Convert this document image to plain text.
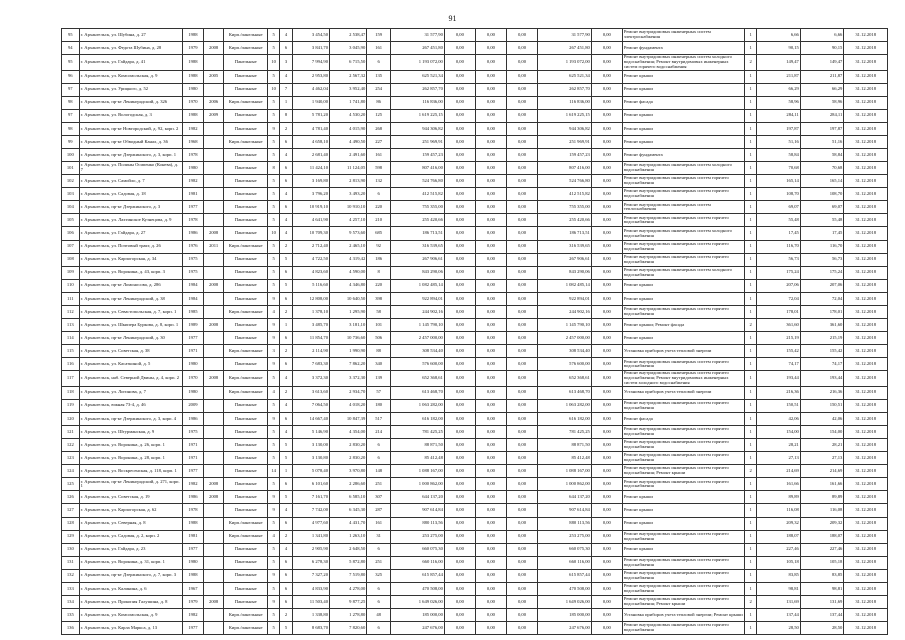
91
95	г. Архангельск, ул. Шубина, д. 27	1988		Кирп./панельные	5	4	3 454,50	2 538,47	159	31 577,90	0,00	0,00	0,00	31 577,90	0,00	Ремонт внутридомовых инженерных систем электроснабжения	1	6,66	6,66	31.12.2018
94	г. Архангельск, ул. Федота Шубина, д. 28	1979	2008	Кирп./панельные	5	6	3 841,70	3 045,90	161	267 451,80	0,00	0,00	0,00	267 451,80	0,00	Ремонт фундамента	1	90,15	90,15	31.12.2018
95	г. Архангельск, ул. Гайдара, д. 41	1988		Панельные	10	3	7 994,90	6 715,50	6	1 193 072,00	0,00	0,00	0,00	1 193 072,00	0,00	Ремонт внутридомовых инженерных систем холодного водоснабжения; Ремонт внутридомовых инженерных систем горячего водоснабжения	2	149,47	149,47	31.12.2018
96	г. Архангельск, ул. Комсомольская, д. 9	1988	2005	Панельные	5	4	2 953,80	2 567,32	135	625 521,34	0,00	0,00	0,00	625 521,34	0,00	Ремонт крыши	1	211,87	211,87	31.12.2018
97	г. Архангельск, ул. Урицкого, д. 52	1980		Панельные	10	7	4 462,04	3 952,40	254	262 857,70	0,00	0,00	0,00	262 857,70	0,00	Ремонт крыши	1	66,29	66,29	31.12.2018
98	г. Архангельск, пр-кт Ленинградский, д. 326	1970	2006	Кирп./панельные	5	1	1 940,00	1 741,80	86	116 836,00	0,00	0,00	0,00	116 836,00	0,00	Ремонт фасада	1	58,96	58,96	31.12.2018
97	г. Архангельск, ул. Вологодская, д. 3	1988	2009	Панельные	5	8	5 781,20	4 530,20	125	1 619 225,15	0,00	0,00	0,00	1 619 225,15	0,00	Ремонт крыши	1	284,11	284,11	31.12.2018
98	г. Архангельск, пр-кт Новгородский, д. 92, корп. 2	1982		Панельные	9	2	4 781,40	4 015,90	268	944 306,82	0,00	0,00	0,00	944 306,82	0,00	Ремонт крыши	1	197,87	197,87	31.12.2018
99	г. Архангельск, пр-кт Обводный Канал, д. 36	1968		Кирп./панельные	5	6	4 658,10	4 490,50	227	251 969,91	0,00	0,00	0,00	251 969,91	0,00	Ремонт крыши	1	51,16	51,16	31.12.2018
100	г. Архангельск, пр-кт Дзержинского, д. 3, корп. 1	1978		Панельные	5	4	2 681,40	2 491,60	161	159 457,23	0,00	0,00	0,00	159 457,23	0,00	Ремонт фундамента	1	58,84	58,84	31.12.2018
101	г. Архангельск, ул. Полины Осипенко (Конева), д. 7	1980		Панельные	8	6	11 424,10	11 124,05	598	807 416,00	0,00	0,00	0,00	807 416,00	0,00	Ремонт внутридомовых инженерных систем холодного водоснабжения	1	70,68	70,68	31.12.2018
102	г. Архангельск, ул. Самойло, д. 7	1982		Панельные	5	6	3 169,80	2 813,90	132	524 766,80	0,00	0,00	0,00	524 766,80	0,00	Ремонт внутридомовых инженерных систем горячего водоснабжения	1	165,14	165,14	31.12.2018
103	г. Архангельск, ул. Садовая, д. 18	1981		Панельные	5	4	3 796,20	3 493,20	6	412 515,82	0,00	0,00	0,00	412 515,82	0,00	Ремонт внутридомовых инженерных систем горячего водоснабжения	1	108,70	108,70	31.12.2018
104	г. Архангельск, пр-кт Дзержинского, д. 3	1977		Панельные	5	6	10 919,10	10 910,10	220	755 355,00	0,00	0,00	0,00	755 355,00	0,00	Ремонт внутридомовых инженерных систем теплоснабжения	1	69,07	69,07	31.12.2018
105	г. Архангельск, ул. Лахтинское Кузнецова, д. 9	1978		Панельные	5	4	4 641,90	4 257,10	210	255 420,66	0,00	0,00	0,00	255 420,66	0,00	Ремонт внутридомовых инженерных систем горячего водоснабжения	1	55,48	55,48	31.12.2018
106	г. Архангельск, ул. Гайдара, д. 27	1986	2008	Панельные	10	4	10 709,30	9 573,60	685	186 713,51	0,00	0,00	0,00	186 713,51	0,00	Ремонт внутридомовых инженерных систем холодного водоснабжения	1	17,45	17,45	31.12.2018
107	г. Архангельск, ул. Почтовый тракт, д. 26	1976	2011	Кирп./панельные	5	2	2 712,40	2 465,10	92	316 539,65	0,00	0,00	0,00	316 539,65	0,00	Ремонт внутридомовых инженерных систем горячего водоснабжения	1	116,70	116,70	31.12.2018
108	г. Архангельск, ул. Карпогорская, д. 34	1975		Панельные	5	5	4 722,50	4 319,42	186	267 906,61	0,00	0,00	0,00	267 906,61	0,00	Ремонт внутридомовых инженерных систем горячего водоснабжения	1	56,73	56,73	31.12.2018
109	г. Архангельск, ул. Воронина, д. 43, корп. 3	1975		Панельные	5	6	4 823,60	4 590,00	8	843 290,06	0,00	0,00	0,00	843 290,06	0,00	Ремонт внутридомовых инженерных систем холодного водоснабжения	1	175,24	175,24	31.12.2018
110	г. Архангельск, пр-кт Ломоносова, д. 286	1984	2008	Панельные	5	5	5 116,60	4 346,80	220	1 082 485,14	0,00	0,00	0,00	1 082 485,14	0,00	Ремонт крыши	1	207,06	207,06	31.12.2018
111	г. Архангельск, пр-кт Ленинградский, д. 38	1984		Панельные	9	6	12 808,00	10 640,50	398	922 894,01	0,00	0,00	0,00	922 894,01	0,00	Ремонт крыши	1	72,04	72,04	31.12.2018
112	г. Архангельск, ул. Севастопольская, д. 7, корп. 1	1985		Кирп./панельные	4	2	1 378,10	1 295,90	58	244 902,16	0,00	0,00	0,00	244 902,16	0,00	Ремонт внутридомовых инженерных систем горячего водоснабжения	1	178,01	178,01	31.12.2018
113	г. Архангельск, ул. Шкипера Буркова, д. 8, корп. 1	1989	2008	Панельные	9	1	3 485,70	3 181,10	101	1 145 790,10	0,00	0,00	0,00	1 145 790,10	0,00	Ремонт крыши; Ремонт фасада	2	361,60	361,60	31.12.2018
114	г. Архангельск, пр-кт Ленинградский, д. 30	1977		Панельные	9	6	11 854,70	10 736,60	506	2 457 000,00	0,00	0,00	0,00	2 457 000,00	0,00	Ремонт крыши	1	215,19	215,19	31.12.2018
115	г. Архангельск, ул. Советская, д. 38	1971		Кирп./панельные	3	2	2 114,90	1 990,90	88	308 534,40	0,00	0,00	0,00	308 534,40	0,00	Установка приборов учета тепловой энергии	1	155,42	155,42	31.12.2018
116	г. Архангельск, ул. Касаткиной, д. 5	1980		Панельные	9	6	7 683,30	7 862,20	340	576 600,00	0,00	0,00	0,00	576 600,00	0,00	Ремонт внутридомовых инженерных систем горячего водоснабжения	1	74,17	74,17	31.12.2018
117	г. Архангельск, наб. Северной Двины, д. 4, корп. 2	1970	2008	Кирп./панельные	5	4	3 372,30	3 372,30	139	652 368,61	0,00	0,00	0,00	652 368,61	0,00	Ремонт внутридомовых инженерных систем горячего водоснабжения; Ремонт внутридомовых инженерных систем холодного водоснабжения	1	193,44	193,44	31.12.2018
118	г. Архангельск, ул. Логинова, д. 7	1980		Кирп./панельные	4	2	3 613,60	2 934,70	57	613 468,70	0,00	0,00	0,00	613 468,70	0,00	Установка приборов учета тепловой энергии	1	216,36	216,36	31.12.2018
119	г. Архангельск, южная 73-4, д. 46	2009		Панельные	5	4	7 064,50	4 018,20	180	1 063 282,00	0,00	0,00	0,00	1 063 282,00	0,00	Ремонт внутридомовых инженерных систем горячего водоснабжения	1	150,51	150,51	31.12.2018
120	г. Архангельск, пр-кт Дзержинского, д. 3, корп. 4	1986		Панельные	9	6	14 667,40	10 847,39	517	616 182,00	0,00	0,00	0,00	616 182,00	0,00	Ремонт фасада	1	42,06	42,06	31.12.2018
121	г. Архангельск, ул. Штурманская, д. 9	1975		Панельные	5	4	5 146,90	4 354,00	214	781 425,25	0,00	0,00	0,00	781 425,25	0,00	Ремонт внутридомовых инженерных систем горячего водоснабжения	1	154,00	154,00	31.12.2018
122	г. Архангельск, ул. Воронина, д. 26, корп. 1	1971		Панельные	5	5	3 130,00	2 830,20	6	88 871,50	0,00	0,00	0,00	88 871,50	0,00	Ремонт внутридомовых инженерных систем горячего водоснабжения	1	28,21	28,21	31.12.2018
123	г. Архангельск, ул. Воронина, д. 28, корп. 1	1971		Панельные	5	5	3 130,80	2 830,20	6	85 412,48	0,00	0,00	0,00	85 412,48	0,00	Ремонт внутридомовых инженерных систем горячего водоснабжения	1	27,13	27,13	31.12.2018
124	г. Архангельск, ул. Воскресенская, д. 118, корп. 1	1977		Панельные	14	1	5 078,40	3 970,80	148	1 088 167,00	0,00	0,00	0,00	1 088 167,00	0,00	Ремонт внутридомовых инженерных систем горячего водоснабжения; Ремонт крыши	2	214,69	214,69	31.12.2018
125	г. Архангельск, пр-кт Ленинградский, д. 271, корп. 1	1982	2008	Панельные	5	6	6 101,60	2 286,60	251	1 000 862,00	0,00	0,00	0,00	1 000 862,00	0,00	Ремонт внутридомовых инженерных систем горячего водоснабжения	1	161,66	161,66	31.12.2018
126	г. Архангельск, ул. Советская, д. 19	1986	2008	Панельные	9	5	7 161,70	6 585,10	307	644 137,20	0,00	0,00	0,00	644 137,20	0,00	Ремонт крыши	1	89,89	89,89	31.12.2018
127	г. Архангельск, ул. Карпогорская, д. 62	1978		Панельные	9	4	7 742,00	6 345,30	287	907 614,84	0,00	0,00	0,00	907 614,84	0,00	Ремонт крыши	1	116,08	116,08	31.12.2018
128	г. Архангельск, ул. Северная, д. 8	1988		Кирп./панельные	5	6	4 977,60	4 431,70	161	880 113,56	0,00	0,00	0,00	880 113,56	0,00	Ремонт крыши	1	209,32	209,32	31.12.2018
129	г. Архангельск, ул. Садовая, д. 2, корп. 2	1981		Кирп./панельные	4	2	1 341,80	1 263,10	31	253 275,00	0,00	0,00	0,00	253 275,00	0,00	Ремонт внутридомовых инженерных систем горячего водоснабжения	1	188,07	188,07	31.12.2018
130	г. Архангельск, ул. Гайдара, д. 23	1977		Панельные	5	4	2 905,90	2 648,50	6	660 075,30	0,00	0,00	0,00	660 075,30	0,00	Ремонт крыши	1	227,46	227,46	31.12.2018
131	г. Архангельск, ул. Воронина, д. 31, корп. 1	1980		Панельные	5	6	6 278,30	5 872,80	251	660 116,00	0,00	0,00	0,00	660 116,00	0,00	Ремонт внутридомовых инженерных систем горячего водоснабжения	1	105,18	105,18	31.12.2018
132	г. Архангельск, пр-кт Дзержинского, д. 7, корп. 3	1988		Панельные	9	6	7 327,20	7 519,80	325	615 857,44	0,00	0,00	0,00	615 857,44	0,00	Ремонт внутридомовых инженерных систем горячего водоснабжения	1	83,85	83,85	31.12.2018
133	г. Архангельск, ул. Калинина, д. 6	1967		Панельные	5	6	4 833,90	4 278,00	6	470 508,00	0,00	0,00	0,00	470 508,00	0,00	Ремонт внутридомовых инженерных систем горячего водоснабжения	1	98,81	98,81	31.12.2018
134	г. Архангельск, ул. Прокопия Галушина, д. 8	1979	2008	Панельные	9	6	11 503,40	9 877,25	6	1 649 026,00	0,00	0,00	0,00	1 649 026,00	0,00	Ремонт внутридомовых инженерных систем горячего водоснабжения; Ремонт крыши	2	131,69	131,69	31.12.2018
135	г. Архангельск, ул. Комсомольская, д. 9	1982		Кирп./панельные	5	2	1 338,80	1 278,80	48	185 000,00	0,00	0,00	0,00	185 000,00	0,00	Установка приборов учета тепловой энергии; Ремонт крыши	1	137,44	137,44	31.12.2018
136	г. Архангельск, ул. Карла Маркса, д. 13	1977		Кирп./панельные	5	5	8 683,70	7 820,60	6	247 676,00	0,00	0,00	0,00	247 676,00	0,00	Ремонт внутридомовых инженерных систем горячего водоснабжения	1	28,50	28,50	31.12.2018
